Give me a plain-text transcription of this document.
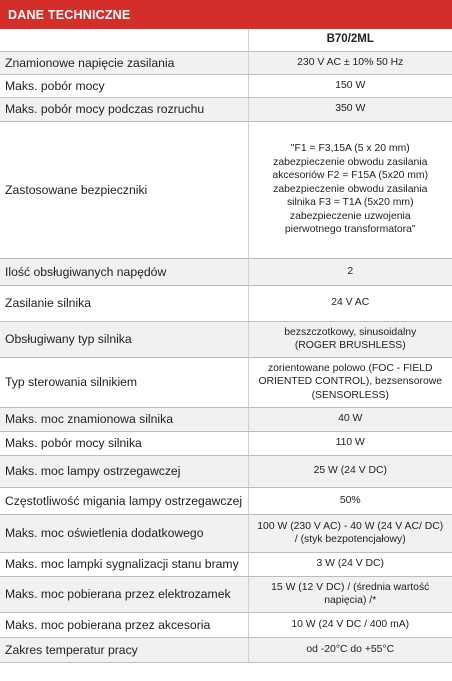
DANE TECHNICZNE
	B70/2ML
Znamionowe napięcie zasilania	230 V AC ± 10% 50 Hz
Maks. pobór mocy	150 W
Maks. pobór mocy podczas rozruchu	350 W
Zastosowane bezpieczniki	"F1 = F3,15A (5 x 20 mm) zabezpieczenie obwodu zasilania akcesoriów F2 = F15A (5x20 mm) zabezpieczenie obwodu zasilania silnika F3 = T1A (5x20 mm) zabezpieczenie uzwojenia pierwotnego transformatora"
Ilość obsługiwanych napędów	2
Zasilanie silnika	24 V AC
Obsługiwany typ silnika	bezszczotkowy, sinusoidalny (ROGER BRUSHLESS)
Typ sterowania silnikiem	zorientowane polowo (FOC - FIELD ORIENTED CONTROL), bezsensorowe (SENSORLESS)
Maks. moc znamionowa silnika	40 W
Maks. pobór mocy silnika	110 W
Maks. moc lampy ostrzegawczej	25 W (24 V DC)
Częstotliwość migania lampy ostrzegawczej	50%
Maks. moc oświetlenia dodatkowego	100 W (230 V AC) - 40 W (24 V AC/ DC) / (styk bezpotencjałowy)
Maks. moc lampki sygnalizacji stanu bramy	3 W (24 V DC)
Maks. moc pobierana przez elektrozamek	15 W (12 V DC) / (średnia wartość napięcia) /*
Maks. moc pobierana przez akcesoria	10 W (24 V DC / 400 mA)
Zakres temperatur pracy	od -20°C do +55°C
